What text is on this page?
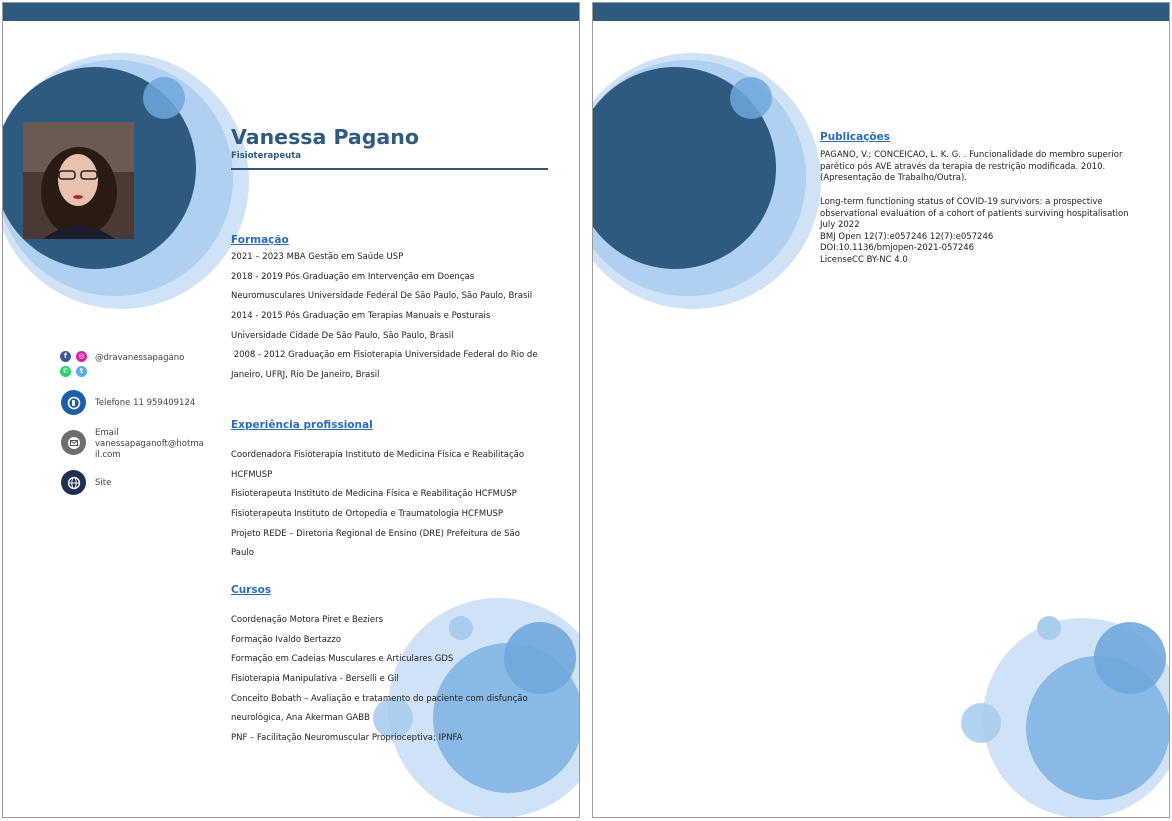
Vanessa Pagano
Fisioterapeuta
f	◎
✆	t
@dravanessapagano
Telefone 11 959409124
Email
vanessapaganoft@hotma
il.com
Site
Formação
2021 – 2023 MBA Gestão em Saúde USP
2018 - 2019 Pós Graduação em Intervenção em Doenças
Neuromusculares Universidade Federal De São Paulo, São Paulo, Brasil
2014 - 2015 Pós Graduação em Terapias Manuais e Posturais
Universidade Cidade De São Paulo, São Paulo, Brasil
2008 - 2012 Graduação em Fisioterapia Universidade Federal do Rio de
Janeiro, UFRJ, Rio De Janeiro, Brasil
Experiência profissional
Coordenadora Fisioterapia Instituto de Medicina Física e Reabilitação
HCFMUSP
Fisioterapeuta Instituto de Medicina Física e Reabilitação HCFMUSP
Fisioterapeuta Instituto de Ortopedia e Traumatologia HCFMUSP
Projeto REDE – Diretoria Regional de Ensino (DRE) Prefeitura de São
Paulo
Cursos
Coordenação Motora Piret e Beziers
Formação Ivaldo Bertazzo
Formação em Cadeias Musculares e Articulares GDS
Fisioterapia Manipulativa - Berselli e Gil
Conceito Bobath – Avaliação e tratamento do paciente com disfunção
neurológica, Ana Akerman GABB
PNF – Facilitação Neuromuscular Proprioceptiva; IPNFA
Publicações
PAGANO, V.; CONCEICAO, L. K. G. . Funcionalidade do membro superior
parético pós AVE através da terapia de restrição modificada. 2010.
(Apresentação de Trabalho/Outra).
Long-term functioning status of COVID-19 survivors: a prospective
observational evaluation of a cohort of patients surviving hospitalisation
July 2022
BMJ Open 12(7):e057246 12(7):e057246
DOI:10.1136/bmjopen-2021-057246
LicenseCC BY-NC 4.0
